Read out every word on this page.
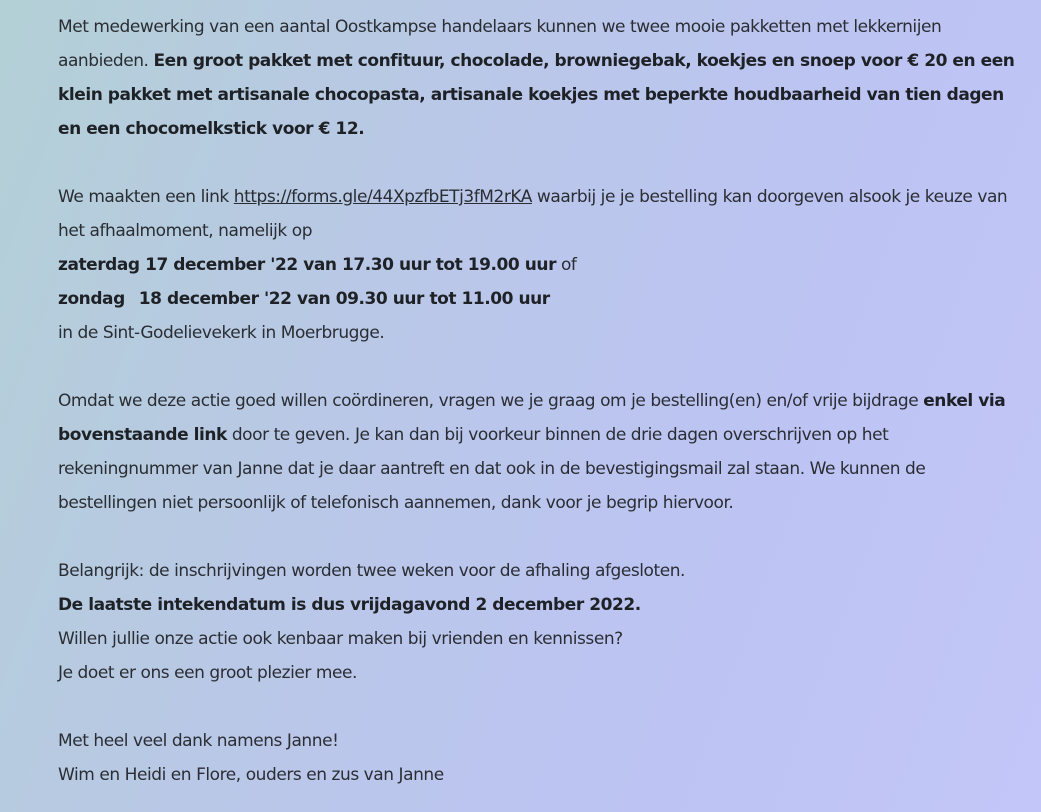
Met medewerking van een aantal Oostkampse handelaars kunnen we twee mooie pakketten met lekkernijen aanbieden. Een groot pakket met confituur, chocolade, browniegebak, koekjes en snoep voor € 20 en een klein pakket met artisanale chocopasta, artisanale koekjes met beperkte houdbaarheid van tien dagen en een chocomelkstick voor € 12.

We maakten een link https://forms.gle/44XpzfbETj3fM2rKA waarbij je je bestelling kan doorgeven alsook je keuze van het afhaalmoment, namelijk op
zaterdag 17 december '22 van 17.30 uur tot 19.00 uur of
zondag 18 december '22 van 09.30 uur tot 11.00 uur
in de Sint-Godelievekerk in Moerbrugge.

Omdat we deze actie goed willen coördineren, vragen we je graag om je bestelling(en) en/of vrije bijdrage enkel via bovenstaande link door te geven. Je kan dan bij voorkeur binnen de drie dagen overschrijven op het rekeningnummer van Janne dat je daar aantreft en dat ook in de bevestigingsmail zal staan. We kunnen de bestellingen niet persoonlijk of telefonisch aannemen, dank voor je begrip hiervoor.

Belangrijk: de inschrijvingen worden twee weken voor de afhaling afgesloten.
De laatste intekendatum is dus vrijdagavond 2 december 2022.
Willen jullie onze actie ook kenbaar maken bij vrienden en kennissen?
Je doet er ons een groot plezier mee.

Met heel veel dank namens Janne!
Wim en Heidi en Flore, ouders en zus van Janne
